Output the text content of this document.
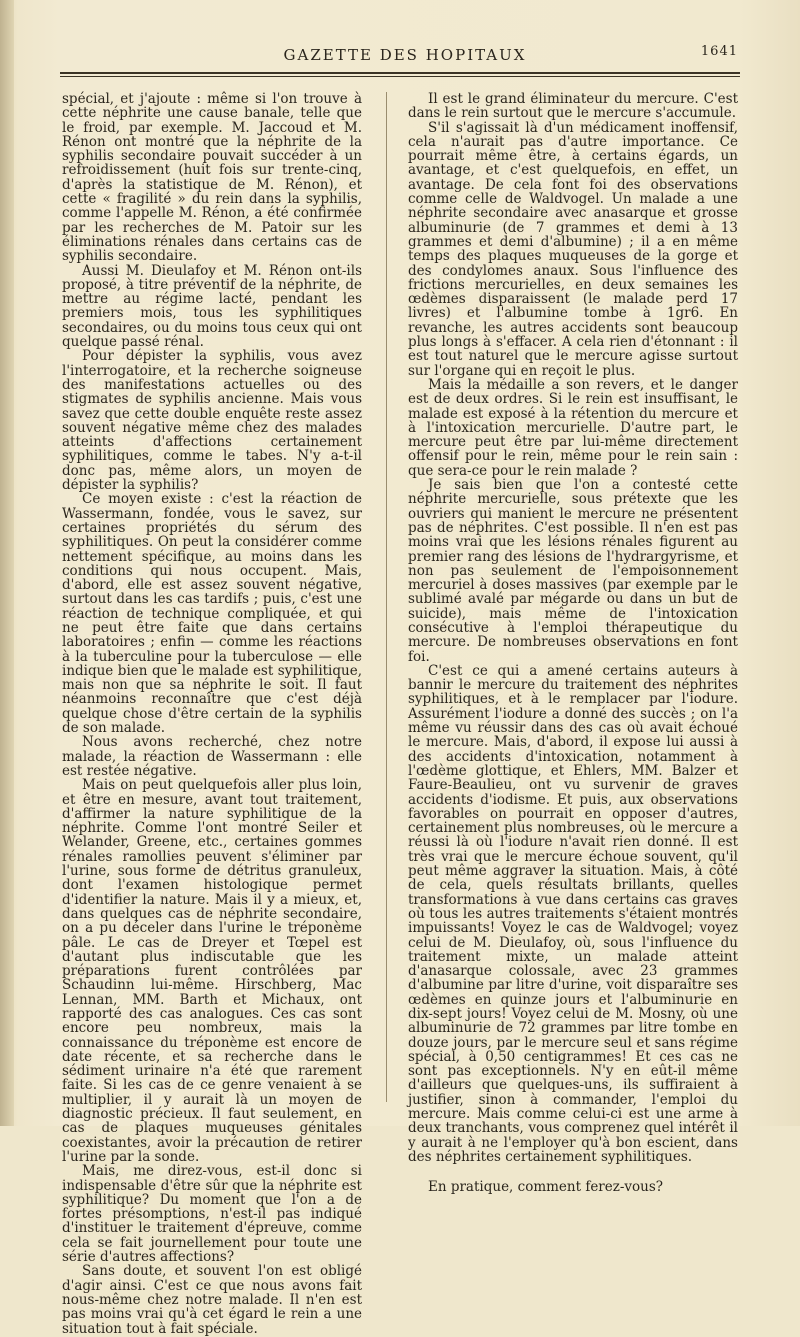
GAZETTE DES HOPITAUX	1641

spécial, et j'ajoute : même si l'on trouve à cette néphrite une cause banale, telle que le froid, par exemple. M. Jaccoud et M. Rénon ont montré que la néphrite de la syphilis secondaire pouvait succéder à un refroidissement (huit fois sur trente-cinq, d'après la statistique de M. Rénon), et cette « fragilité » du rein dans la syphilis, comme l'appelle M. Rénon, a été confirmée par les recherches de M. Patoir sur les éliminations rénales dans certains cas de syphilis secondaire.

Aussi M. Dieulafoy et M. Rénon ont-ils proposé, à titre préventif de la néphrite, de mettre au régime lacté, pendant les premiers mois, tous les syphilitiques secondaires, ou du moins tous ceux qui ont quelque passé rénal.

Pour dépister la syphilis, vous avez l'interrogatoire, et la recherche soigneuse des manifestations actuelles ou des stigmates de syphilis ancienne. Mais vous savez que cette double enquête reste assez souvent négative même chez des malades atteints d'affections certainement syphilitiques, comme le tabes. N'y a-t-il donc pas, même alors, un moyen de dépister la syphilis?

Ce moyen existe : c'est la réaction de Wassermann, fondée, vous le savez, sur certaines propriétés du sérum des syphilitiques. On peut la considérer comme nettement spécifique, au moins dans les conditions qui nous occupent. Mais, d'abord, elle est assez souvent négative, surtout dans les cas tardifs ; puis, c'est une réaction de technique compliquée, et qui ne peut être faite que dans certains laboratoires ; enfin — comme les réactions à la tuberculine pour la tuberculose — elle indique bien que le malade est syphilitique, mais non que sa néphrite le soit. Il faut néanmoins reconnaître que c'est déjà quelque chose d'être certain de la syphilis de son malade.

Nous avons recherché, chez notre malade, la réaction de Wassermann : elle est restée négative.

Mais on peut quelquefois aller plus loin, et être en mesure, avant tout traitement, d'affirmer la nature syphilitique de la néphrite. Comme l'ont montré Seiler et Welander, Greene, etc., certaines gommes rénales ramollies peuvent s'éliminer par l'urine, sous forme de détritus granuleux, dont l'examen histologique permet d'identifier la nature. Mais il y a mieux, et, dans quelques cas de néphrite secondaire, on a pu déceler dans l'urine le tréponème pâle. Le cas de Dreyer et Tœpel est d'autant plus indiscutable que les préparations furent contrôlées par Schaudinn lui-même. Hirschberg, Mac Lennan, MM. Barth et Michaux, ont rapporté des cas analogues. Ces cas sont encore peu nombreux, mais la connaissance du tréponème est encore de date récente, et sa recherche dans le sédiment urinaire n'a été que rarement faite. Si les cas de ce genre venaient à se multiplier, il y aurait là un moyen de diagnostic précieux. Il faut seulement, en cas de plaques muqueuses génitales coexistantes, avoir la précaution de retirer l'urine par la sonde.

Mais, me direz-vous, est-il donc si indispensable d'être sûr que la néphrite est syphilitique? Du moment que l'on a de fortes présomptions, n'est-il pas indiqué d'instituer le traitement d'épreuve, comme cela se fait journellement pour toute une série d'autres affections?

Sans doute, et souvent l'on est obligé d'agir ainsi. C'est ce que nous avons fait nous-même chez notre malade. Il n'en est pas moins vrai qu'à cet égard le rein a une situation tout à fait spéciale.

Il est le grand éliminateur du mercure. C'est dans le rein surtout que le mercure s'accumule.

S'il s'agissait là d'un médicament inoffensif, cela n'aurait pas d'autre importance. Ce pourrait même être, à certains égards, un avantage, et c'est quelquefois, en effet, un avantage. De cela font foi des observations comme celle de Waldvogel. Un malade a une néphrite secondaire avec anasarque et grosse albuminurie (de 7 grammes et demi à 13 grammes et demi d'albumine) ; il a en même temps des plaques muqueuses de la gorge et des condylomes anaux. Sous l'influence des frictions mercurielles, en deux semaines les œdèmes disparaissent (le malade perd 17 livres) et l'albumine tombe à 1gr6. En revanche, les autres accidents sont beaucoup plus longs à s'effacer. A cela rien d'étonnant : il est tout naturel que le mercure agisse surtout sur l'organe qui en reçoit le plus.

Mais la médaille a son revers, et le danger est de deux ordres. Si le rein est insuffisant, le malade est exposé à la rétention du mercure et à l'intoxication mercurielle. D'autre part, le mercure peut être par lui-même directement offensif pour le rein, même pour le rein sain : que sera-ce pour le rein malade ?

Je sais bien que l'on a contesté cette néphrite mercurielle, sous prétexte que les ouvriers qui manient le mercure ne présentent pas de néphrites. C'est possible. Il n'en est pas moins vrai que les lésions rénales figurent au premier rang des lésions de l'hydrargyrisme, et non pas seulement de l'empoisonnement mercuriel à doses massives (par exemple par le sublimé avalé par mégarde ou dans un but de suicide), mais même de l'intoxication consécutive à l'emploi thérapeutique du mercure. De nombreuses observations en font foi.

C'est ce qui a amené certains auteurs à bannir le mercure du traitement des néphrites syphilitiques, et à le remplacer par l'iodure. Assurément l'iodure a donné des succès ; on l'a même vu réussir dans des cas où avait échoué le mercure. Mais, d'abord, il expose lui aussi à des accidents d'intoxication, notamment à l'œdème glottique, et Ehlers, MM. Balzer et Faure-Beaulieu, ont vu survenir de graves accidents d'iodisme. Et puis, aux observations favorables on pourrait en opposer d'autres, certainement plus nombreuses, où le mercure a réussi là où l'iodure n'avait rien donné. Il est très vrai que le mercure échoue souvent, qu'il peut même aggraver la situation. Mais, à côté de cela, quels résultats brillants, quelles transformations à vue dans certains cas graves où tous les autres traitements s'étaient montrés impuissants! Voyez le cas de Waldvogel; voyez celui de M. Dieulafoy, où, sous l'influence du traitement mixte, un malade atteint d'anasarque colossale, avec 23 grammes d'albumine par litre d'urine, voit disparaître ses œdèmes en quinze jours et l'albuminurie en dix-sept jours! Voyez celui de M. Mosny, où une albuminurie de 72 grammes par litre tombe en douze jours, par le mercure seul et sans régime spécial, à 0,50 centigrammes! Et ces cas ne sont pas exceptionnels. N'y en eût-il même d'ailleurs que quelques-uns, ils suffiraient à justifier, sinon à commander, l'emploi du mercure. Mais comme celui-ci est une arme à deux tranchants, vous comprenez quel intérêt il y aurait à ne l'employer qu'à bon escient, dans des néphrites certainement syphilitiques.

En pratique, comment ferez-vous?
